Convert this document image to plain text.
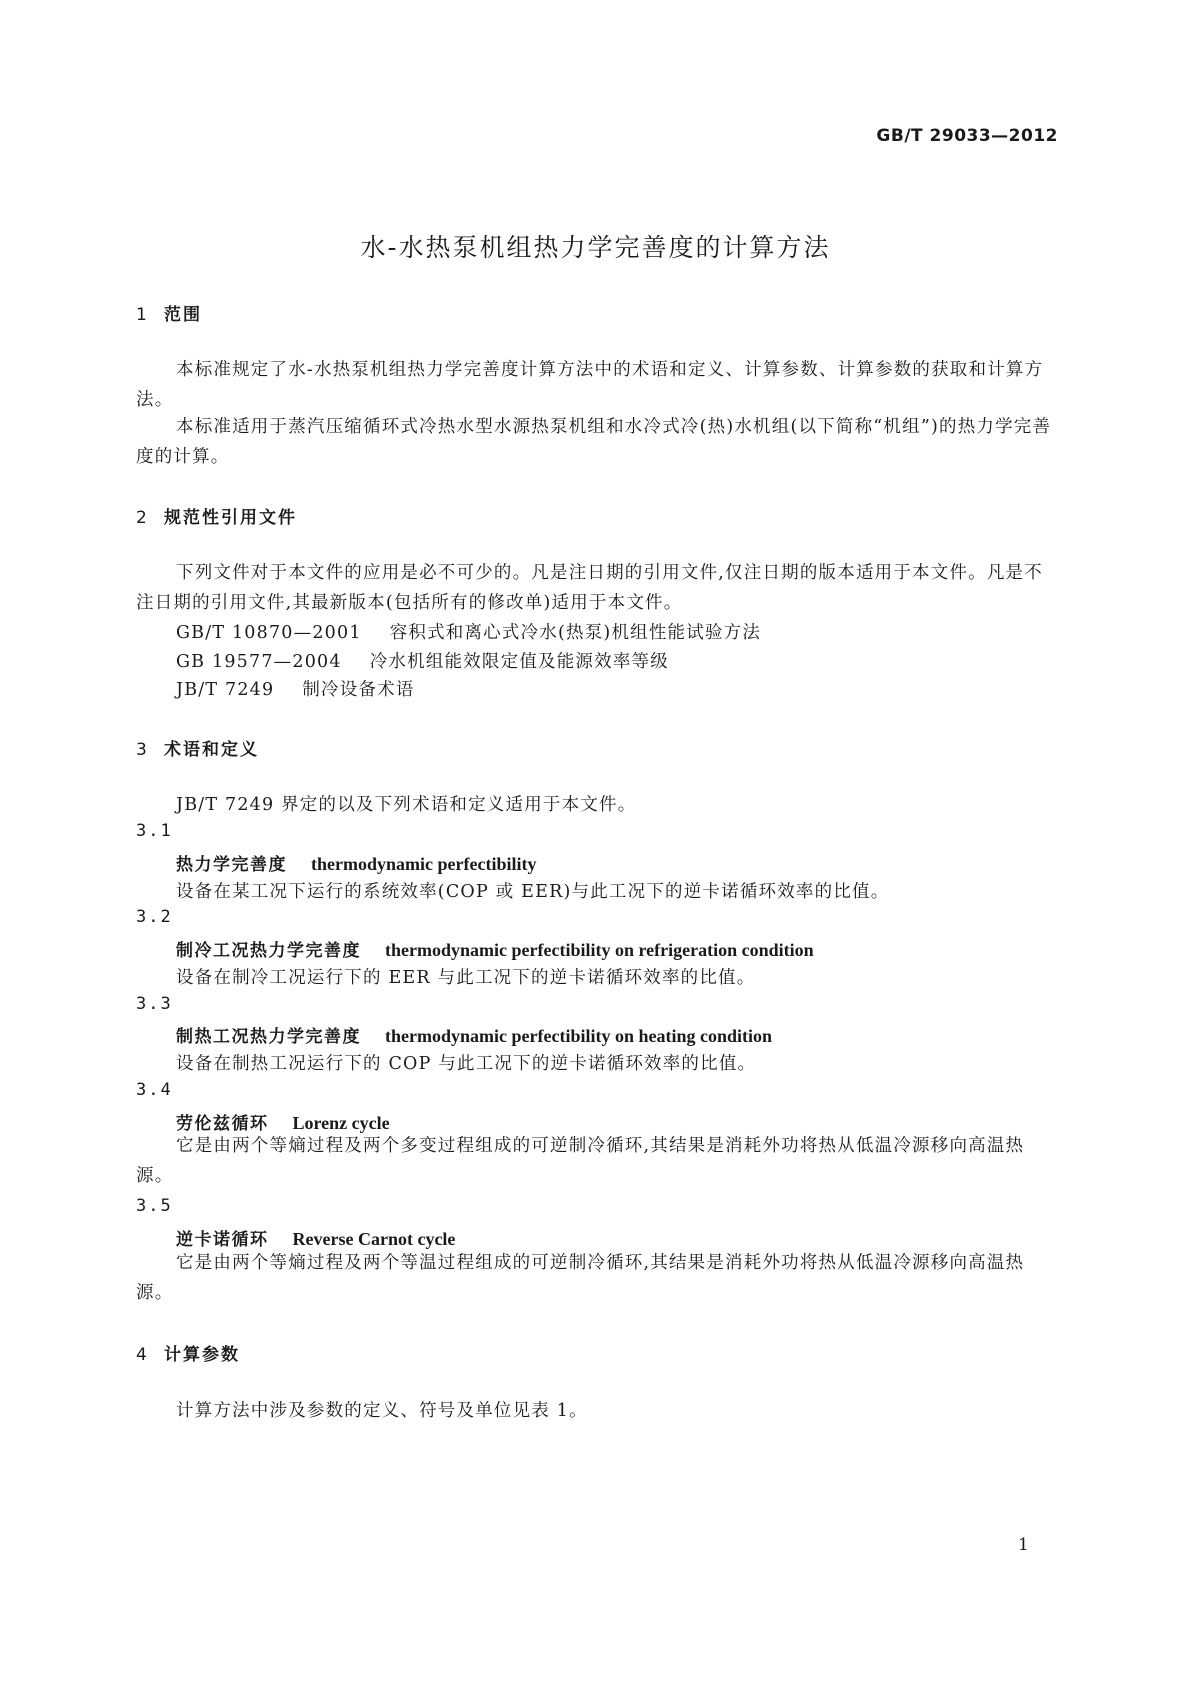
GB/T 29033—2012
水-水热泵机组热力学完善度的计算方法
1 范围
本标准规定了水-水热泵机组热力学完善度计算方法中的术语和定义、计算参数、计算参数的获取和计算方法。
本标准适用于蒸汽压缩循环式冷热水型水源热泵机组和水冷式冷(热)水机组(以下简称“机组”)的热力学完善度的计算。
2 规范性引用文件
下列文件对于本文件的应用是必不可少的。凡是注日期的引用文件,仅注日期的版本适用于本文件。凡是不注日期的引用文件,其最新版本(包括所有的修改单)适用于本文件。
GB/T 10870—2001 容积式和离心式冷水(热泵)机组性能试验方法
GB 19577—2004 冷水机组能效限定值及能源效率等级
JB/T 7249 制冷设备术语
3 术语和定义
JB/T 7249 界定的以及下列术语和定义适用于本文件。
3.1
热力学完善度 thermodynamic perfectibility
设备在某工况下运行的系统效率(COP 或 EER)与此工况下的逆卡诺循环效率的比值。
3.2
制冷工况热力学完善度 thermodynamic perfectibility on refrigeration condition
设备在制冷工况运行下的 EER 与此工况下的逆卡诺循环效率的比值。
3.3
制热工况热力学完善度 thermodynamic perfectibility on heating condition
设备在制热工况运行下的 COP 与此工况下的逆卡诺循环效率的比值。
3.4
劳伦兹循环 Lorenz cycle
它是由两个等熵过程及两个多变过程组成的可逆制冷循环,其结果是消耗外功将热从低温冷源移向高温热源。
3.5
逆卡诺循环 Reverse Carnot cycle
它是由两个等熵过程及两个等温过程组成的可逆制冷循环,其结果是消耗外功将热从低温冷源移向高温热源。
4 计算参数
计算方法中涉及参数的定义、符号及单位见表 1。
1
